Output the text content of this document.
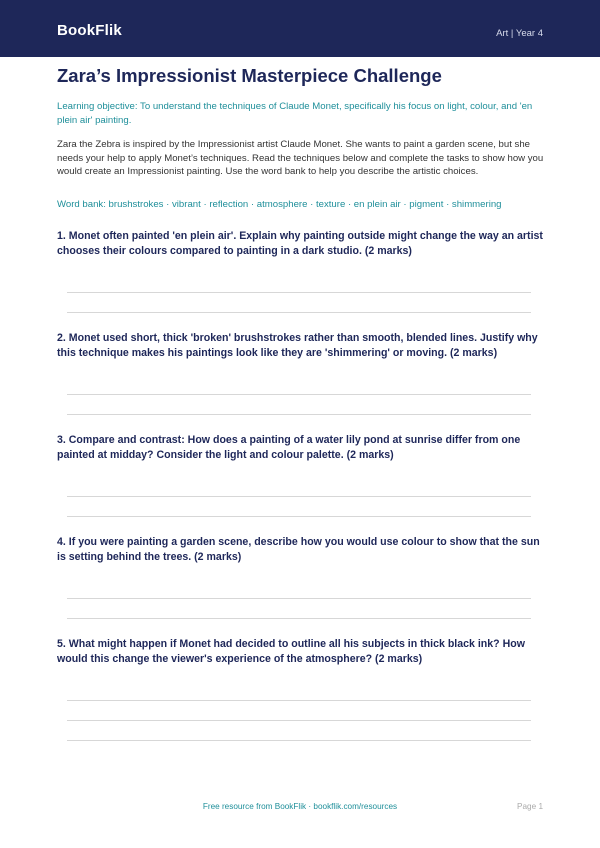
BookFlik	Art | Year 4
Zara’s Impressionist Masterpiece Challenge
Learning objective: To understand the techniques of Claude Monet, specifically his focus on light, colour, and 'en plein air' painting.
Zara the Zebra is inspired by the Impressionist artist Claude Monet. She wants to paint a garden scene, but she needs your help to apply Monet’s techniques. Read the techniques below and complete the tasks to show how you would create an Impressionist painting. Use the word bank to help you describe the artistic choices.
Word bank: brushstrokes · vibrant · reflection · atmosphere · texture · en plein air · pigment · shimmering
1. Monet often painted 'en plein air'. Explain why painting outside might change the way an artist chooses their colours compared to painting in a dark studio. (2 marks)
2. Monet used short, thick 'broken' brushstrokes rather than smooth, blended lines. Justify why this technique makes his paintings look like they are 'shimmering' or moving. (2 marks)
3. Compare and contrast: How does a painting of a water lily pond at sunrise differ from one painted at midday? Consider the light and colour palette. (2 marks)
4. If you were painting a garden scene, describe how you would use colour to show that the sun is setting behind the trees. (2 marks)
5. What might happen if Monet had decided to outline all his subjects in thick black ink? How would this change the viewer's experience of the atmosphere? (2 marks)
Free resource from BookFlik · bookflik.com/resources	Page 1
